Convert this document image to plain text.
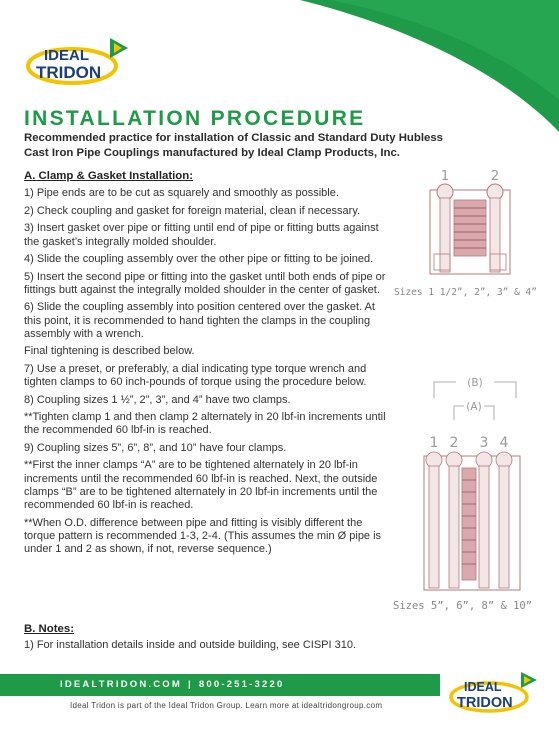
IDEAL
TRIDON
INSTALLATION PROCEDURE
Recommended practice for installation of Classic and Standard Duty Hubless Cast Iron Pipe Couplings manufactured by Ideal Clamp Products, Inc.
A. Clamp & Gasket Installation:
1) Pipe ends are to be cut as squarely and smoothly as possible.
2) Check coupling and gasket for foreign material, clean if necessary.
3) Insert gasket over pipe or fitting until end of pipe or fitting butts against the gasket’s integrally molded shoulder.
4) Slide the coupling assembly over the other pipe or fitting to be joined.
5) Insert the second pipe or fitting into the gasket until both ends of pipe or fittings butt against the integrally molded shoulder in the center of gasket.
6) Slide the coupling assembly into position centered over the gasket. At this point, it is recommended to hand tighten the clamps in the coupling assembly with a wrench.
Final tightening is described below.
7) Use a preset, or preferably, a dial indicating type torque wrench and tighten clamps to 60 inch-pounds of torque using the procedure below.
8) Coupling sizes 1 ½”, 2”, 3”, and 4” have two clamps.
**Tighten clamp 1 and then clamp 2 alternately in 20 lbf-in increments until the recommended 60 lbf-in is reached.
9) Coupling sizes 5”, 6”, 8”, and 10” have four clamps.
**First the inner clamps “A” are to be tightened alternately in 20 lbf-in increments until the recommended 60 lbf-in is reached. Next, the outside clamps “B” are to be tightened alternately in 20 lbf-in increments until the recommended 60 lbf-in is reached.
**When O.D. difference between pipe and fitting is visibly different the torque pattern is recommended 1-3, 2-4. (This assumes the min Ø pipe is under 1 and 2 as shown, if not, reverse sequence.)
B. Notes:
1) For installation details inside and outside building, see CISPI 310.
1	2
Sizes 1 1/2”, 2”, 3” & 4”
(B)
(A)
1 2 3 4
Sizes 5”, 6”, 8” & 10”
IDEALTRIDON.COM | 800-251-3220
Ideal Tridon is part of the Ideal Tridon Group. Learn more at idealtridongroup.com
IDEAL
TRIDON
